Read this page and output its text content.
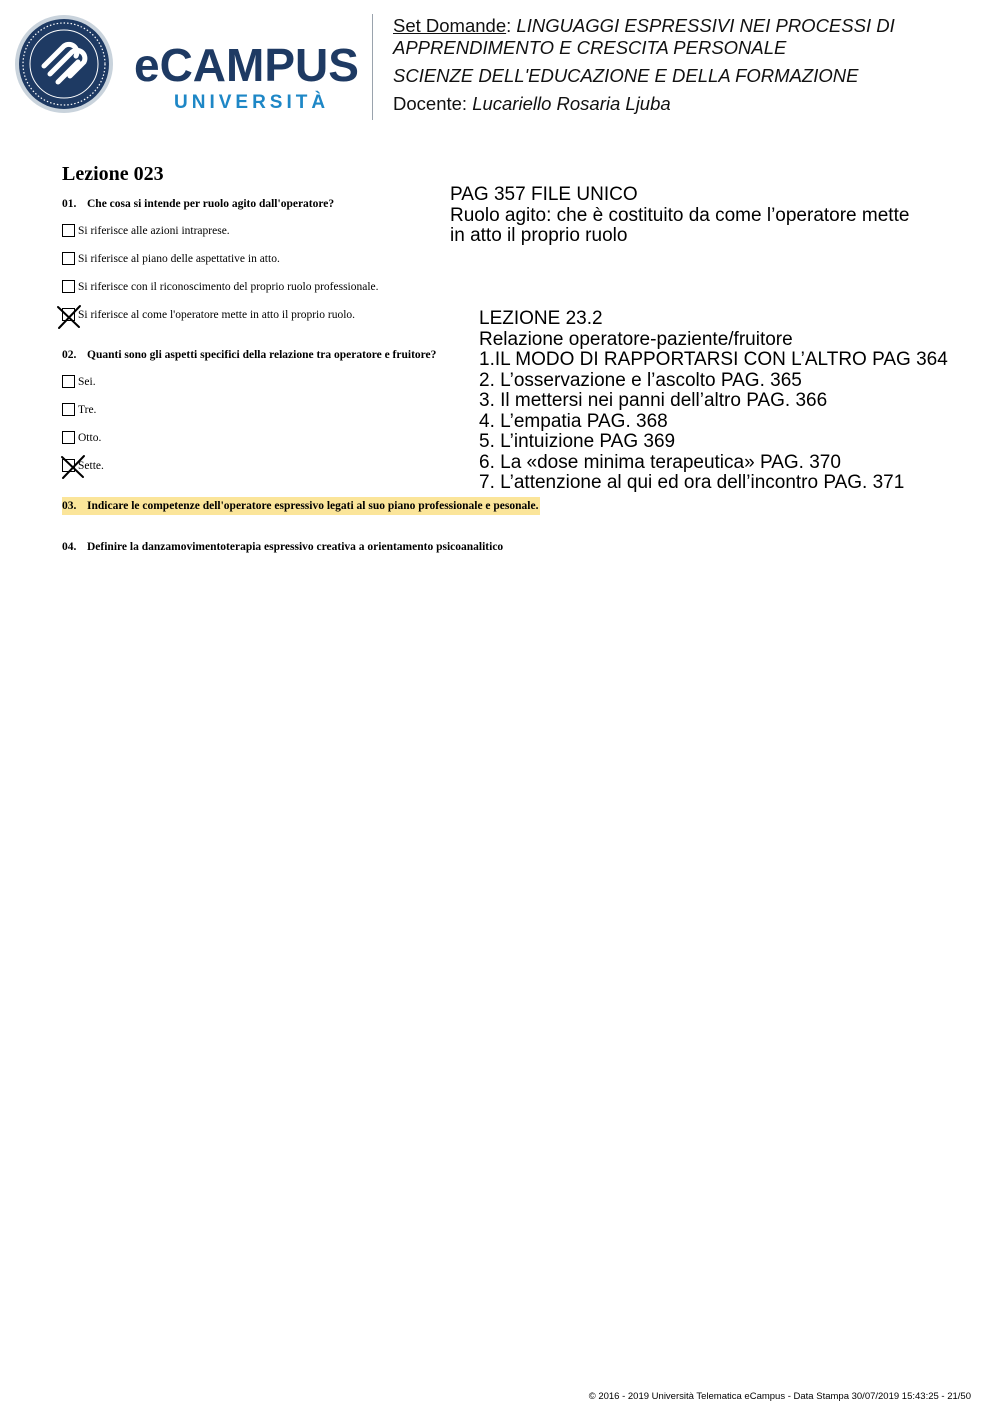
eCAMPUS
UNIVERSITÀ
Set Domande: LINGUAGGI ESPRESSIVI NEI PROCESSI DI
APPRENDIMENTO E CRESCITA PERSONALE
SCIENZE DELL'EDUCAZIONE E DELLA FORMAZIONE
Docente: Lucariello Rosaria Ljuba
Lezione 023
01. Che cosa si intende per ruolo agito dall'operatore?
Si riferisce alle azioni intraprese.
Si riferisce al piano delle aspettative in atto.
Si riferisce con il riconoscimento del proprio ruolo professionale.
Si riferisce al come l'operatore mette in atto il proprio ruolo.
02. Quanti sono gli aspetti specifici della relazione tra operatore e fruitore?
Sei.
Tre.
Otto.
Sette.
03. Indicare le competenze dell'operatore espressivo legati al suo piano professionale e pesonale.
04. Definire la danzamovimentoterapia espressivo creativa a orientamento psicoanalitico
PAG 357 FILE UNICO
Ruolo agito: che è costituito da come l’operatore mette
in atto il proprio ruolo
LEZIONE 23.2
Relazione operatore-paziente/fruitore
1.IL MODO DI RAPPORTARSI CON L’ALTRO PAG 364
2. L’osservazione e l’ascolto PAG. 365
3. Il mettersi nei panni dell’altro PAG. 366
4. L’empatia PAG. 368
5. L’intuizione PAG 369
6. La «dose minima terapeutica» PAG. 370
7. L’attenzione al qui ed ora dell’incontro PAG. 371
© 2016 - 2019 Università Telematica eCampus - Data Stampa 30/07/2019 15:43:25 - 21/50
